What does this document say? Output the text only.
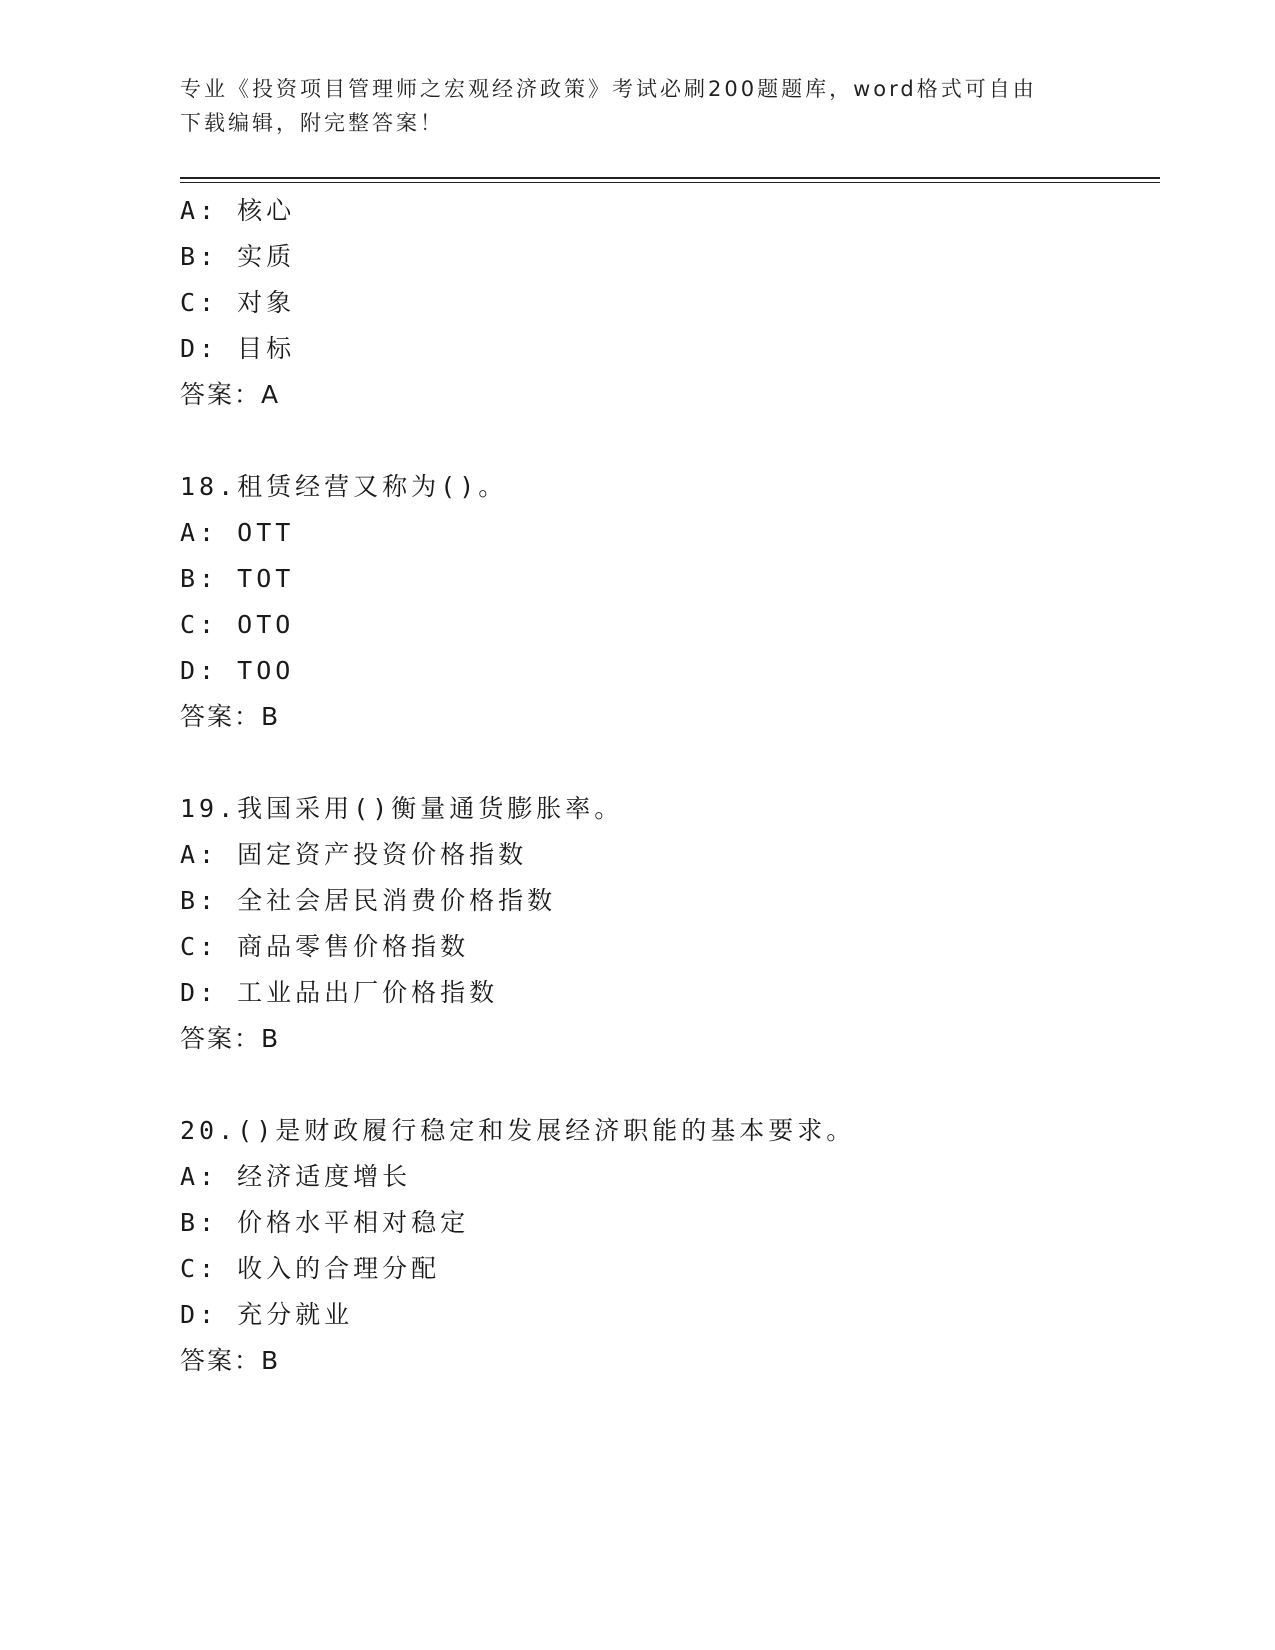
专业《投资项目管理师之宏观经济政策》考试必刷200题题库，word格式可自由下载编辑，附完整答案！
A: 核心
B: 实质
C: 对象
D: 目标
答案：A
18.租赁经营又称为()。
A: OTT
B: TOT
C: OTO
D: TOO
答案：B
19.我国采用()衡量通货膨胀率。
A: 固定资产投资价格指数
B: 全社会居民消费价格指数
C: 商品零售价格指数
D: 工业品出厂价格指数
答案：B
20.()是财政履行稳定和发展经济职能的基本要求。
A: 经济适度增长
B: 价格水平相对稳定
C: 收入的合理分配
D: 充分就业
答案：B
